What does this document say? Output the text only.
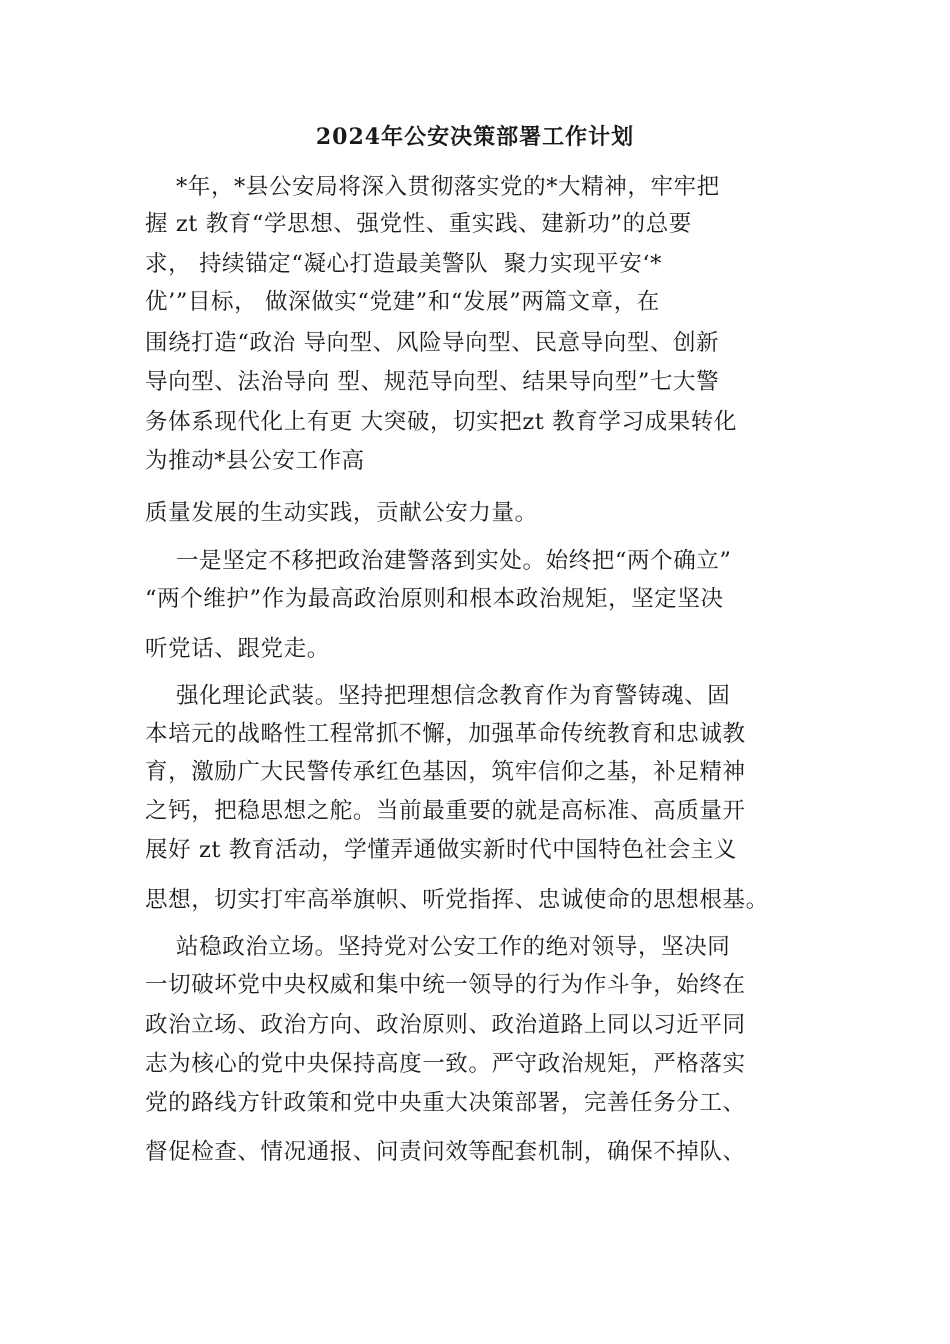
2024年公安决策部署工作计划
*年，*县公安局将深入贯彻落实党的*大精神，牢牢把
握 zt 教育“学思想、强党性、重实践、建新功”的总要
求， 持续锚定“凝心打造最美警队  聚力实现平安‘*
优’”目标， 做深做实“党建”和“发展”两篇文章，在
围绕打造“政治 导向型、风险导向型、民意导向型、创新
导向型、法治导向 型、规范导向型、结果导向型”七大警
务体系现代化上有更 大突破，切实把zt 教育学习成果转化
为推动*县公安工作高
质量发展的生动实践，贡献公安力量。
一是坚定不移把政治建警落到实处。始终把“两个确立”
“两个维护”作为最高政治原则和根本政治规矩，坚定坚决
听党话、跟党走。
强化理论武装。坚持把理想信念教育作为育警铸魂、固
本培元的战略性工程常抓不懈，加强革命传统教育和忠诚教
育，激励广大民警传承红色基因，筑牢信仰之基，补足精神
之钙，把稳思想之舵。当前最重要的就是高标准、高质量开
展好 zt 教育活动，学懂弄通做实新时代中国特色社会主义
思想，切实打牢高举旗帜、听党指挥、忠诚使命的思想根基。
站稳政治立场。坚持党对公安工作的绝对领导，坚决同
一切破坏党中央权威和集中统一领导的行为作斗争，始终在
政治立场、政治方向、政治原则、政治道路上同以习近平同
志为核心的党中央保持高度一致。严守政治规矩，严格落实
党的路线方针政策和党中央重大决策部署，完善任务分工、
督促检查、情况通报、问责问效等配套机制，确保不掉队、
